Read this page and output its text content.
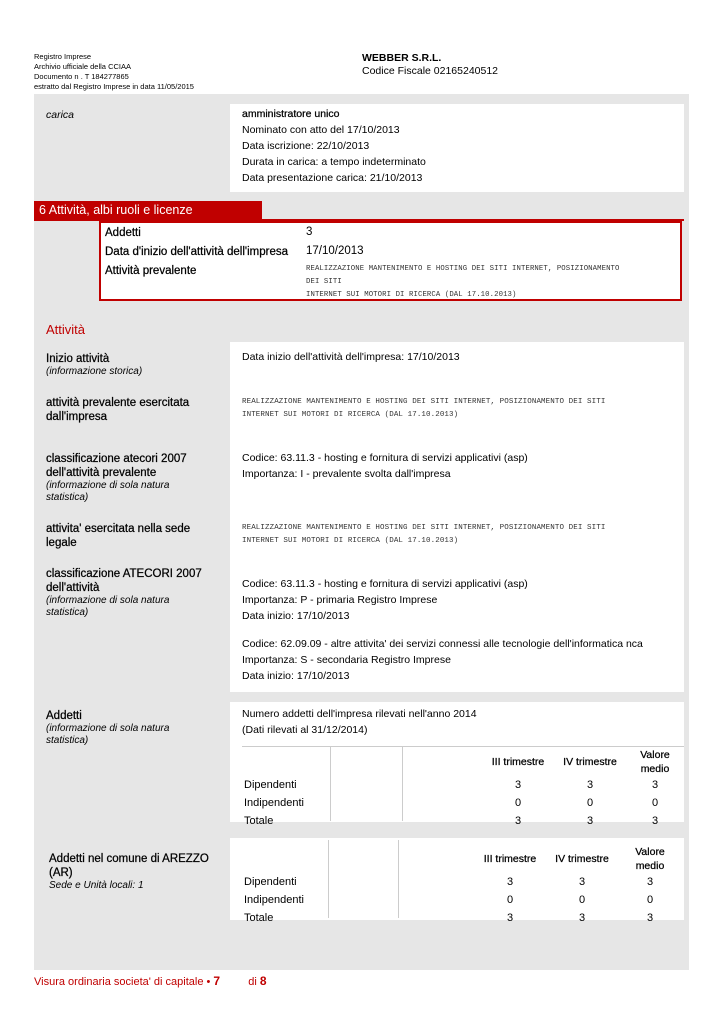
Registro Imprese
Archivio ufficiale della CCIAA
Documento n . T 184277865
estratto dal Registro Imprese in data 11/05/2015
WEBBER S.R.L.
Codice Fiscale 02165240512
carica	amministratore unico
Nominato con atto del 17/10/2013
Data iscrizione: 22/10/2013
Durata in carica: a tempo indeterminato
Data presentazione carica: 21/10/2013
6 Attività, albi ruoli e licenze
Addetti	3
Data d'inizio dell'attività dell'impresa 17/10/2013
Attività prevalente	REALIZZAZIONE MANTENIMENTO E HOSTING DEI SITI INTERNET, POSIZIONAMENTO
DEI SITI
INTERNET SUI MOTORI DI RICERCA (DAL 17.10.2013)
Attività
Inizio attività
(informazione storica)
Data inizio dell'attività dell'impresa: 17/10/2013
attività prevalente esercitata
dall'impresa
REALIZZAZIONE MANTENIMENTO E HOSTING DEI SITI INTERNET, POSIZIONAMENTO DEI SITI
INTERNET SUI MOTORI DI RICERCA (DAL 17.10.2013)
classificazione atecori 2007
dell'attività prevalente
(informazione di sola natura
statistica)
Codice: 63.11.3 - hosting e fornitura di servizi applicativi (asp)
Importanza: I - prevalente svolta dall'impresa
attivita' esercitata nella sede
legale
REALIZZAZIONE MANTENIMENTO E HOSTING DEI SITI INTERNET, POSIZIONAMENTO DEI SITI
INTERNET SUI MOTORI DI RICERCA (DAL 17.10.2013)
classificazione ATECORI 2007
dell'attività
(informazione di sola natura
statistica)
Codice: 63.11.3 - hosting e fornitura di servizi applicativi (asp)
Importanza: P - primaria Registro Imprese
Data inizio: 17/10/2013
Codice: 62.09.09 - altre attivita' dei servizi connessi alle tecnologie dell'informatica nca
Importanza: S - secondaria Registro Imprese
Data inizio: 17/10/2013
Addetti
(informazione di sola natura
statistica)
Numero addetti dell'impresa rilevati nell'anno 2014
(Dati rilevati al 31/12/2014)
	III trimestre	IV trimestre	Valore medio
Dipendenti	3	3	3
Indipendenti	0	0	0
Totale	3	3	3
Addetti nel comune di AREZZO
(AR)
Sede e Unità locali: 1
	III trimestre	IV trimestre	Valore medio
Dipendenti	3	3	3
Indipendenti	0	0	0
Totale	3	3	3
Visura ordinaria societa' di capitale • 7	di 8
